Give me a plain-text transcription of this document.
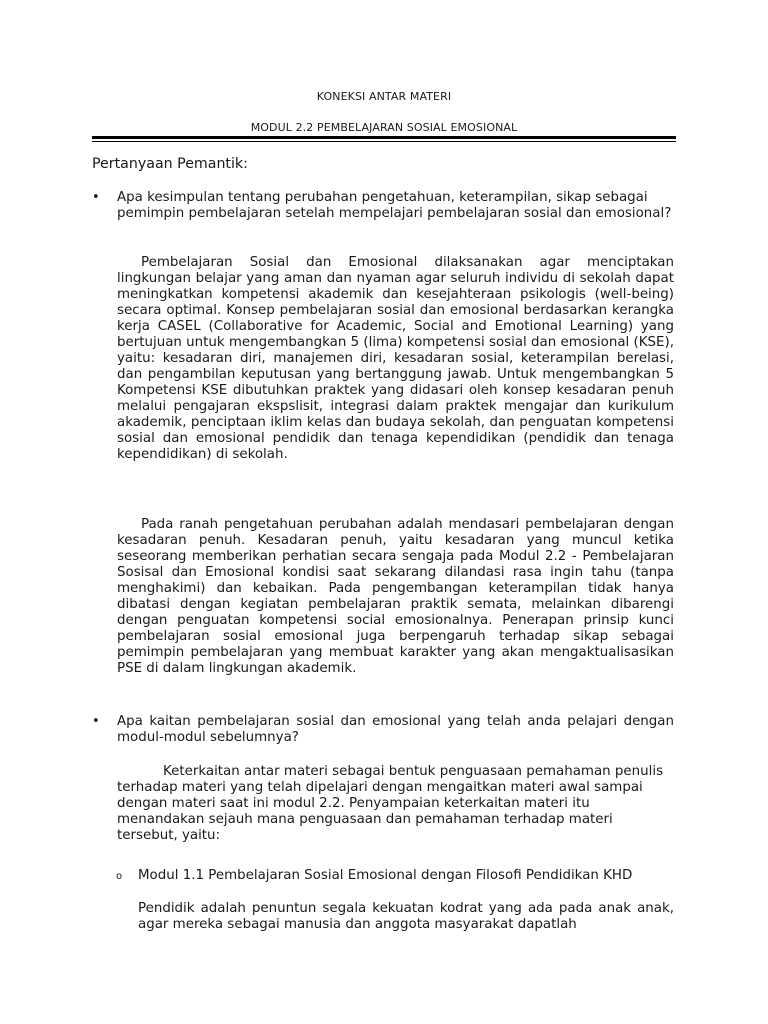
KONEKSI ANTAR MATERI
MODUL 2.2 PEMBELAJARAN SOSIAL EMOSIONAL
Pertanyaan Pemantik:
• Apa kesimpulan tentang perubahan pengetahuan, keterampilan, sikap sebagai pemimpin pembelajaran setelah mempelajari pembelajaran sosial dan emosional?
Pembelajaran Sosial dan Emosional dilaksanakan agar menciptakan lingkungan belajar yang aman dan nyaman agar seluruh individu di sekolah dapat meningkatkan kompetensi akademik dan kesejahteraan psikologis (well-being) secara optimal. Konsep pembelajaran sosial dan emosional berdasarkan kerangka kerja CASEL (Collaborative for Academic, Social and Emotional Learning) yang bertujuan untuk mengembangkan 5 (lima) kompetensi sosial dan emosional (KSE), yaitu: kesadaran diri, manajemen diri, kesadaran sosial, keterampilan berelasi, dan pengambilan keputusan yang bertanggung jawab. Untuk mengembangkan 5 Kompetensi KSE dibutuhkan praktek yang didasari oleh konsep kesadaran penuh melalui pengajaran ekspslisit, integrasi dalam praktek mengajar dan kurikulum akademik, penciptaan iklim kelas dan budaya sekolah, dan penguatan kompetensi sosial dan emosional pendidik dan tenaga kependidikan (pendidik dan tenaga kependidikan) di sekolah.
Pada ranah pengetahuan perubahan adalah mendasari pembelajaran dengan kesadaran penuh. Kesadaran penuh, yaitu kesadaran yang muncul ketika seseorang memberikan perhatian secara sengaja pada Modul 2.2 - Pembelajaran Sosisal dan Emosional kondisi saat sekarang dilandasi rasa ingin tahu (tanpa menghakimi) dan kebaikan. Pada pengembangan keterampilan tidak hanya dibatasi dengan kegiatan pembelajaran praktik semata, melainkan dibarengi dengan penguatan kompetensi social emosionalnya. Penerapan prinsip kunci pembelajaran sosial emosional juga berpengaruh terhadap sikap sebagai pemimpin pembelajaran yang membuat karakter yang akan mengaktualisasikan PSE di dalam lingkungan akademik.
• Apa kaitan pembelajaran sosial dan emosional yang telah anda pelajari dengan modul-modul sebelumnya?
Keterkaitan antar materi sebagai bentuk penguasaan pemahaman penulis terhadap materi yang telah dipelajari dengan mengaitkan materi awal sampai dengan materi saat ini modul 2.2. Penyampaian keterkaitan materi itu menandakan sejauh mana penguasaan dan pemahaman terhadap materi tersebut, yaitu:
o Modul 1.1 Pembelajaran Sosial Emosional dengan Filosofi Pendidikan KHD
Pendidik adalah penuntun segala kekuatan kodrat yang ada pada anak anak, agar mereka sebagai manusia dan anggota masyarakat dapatlah
